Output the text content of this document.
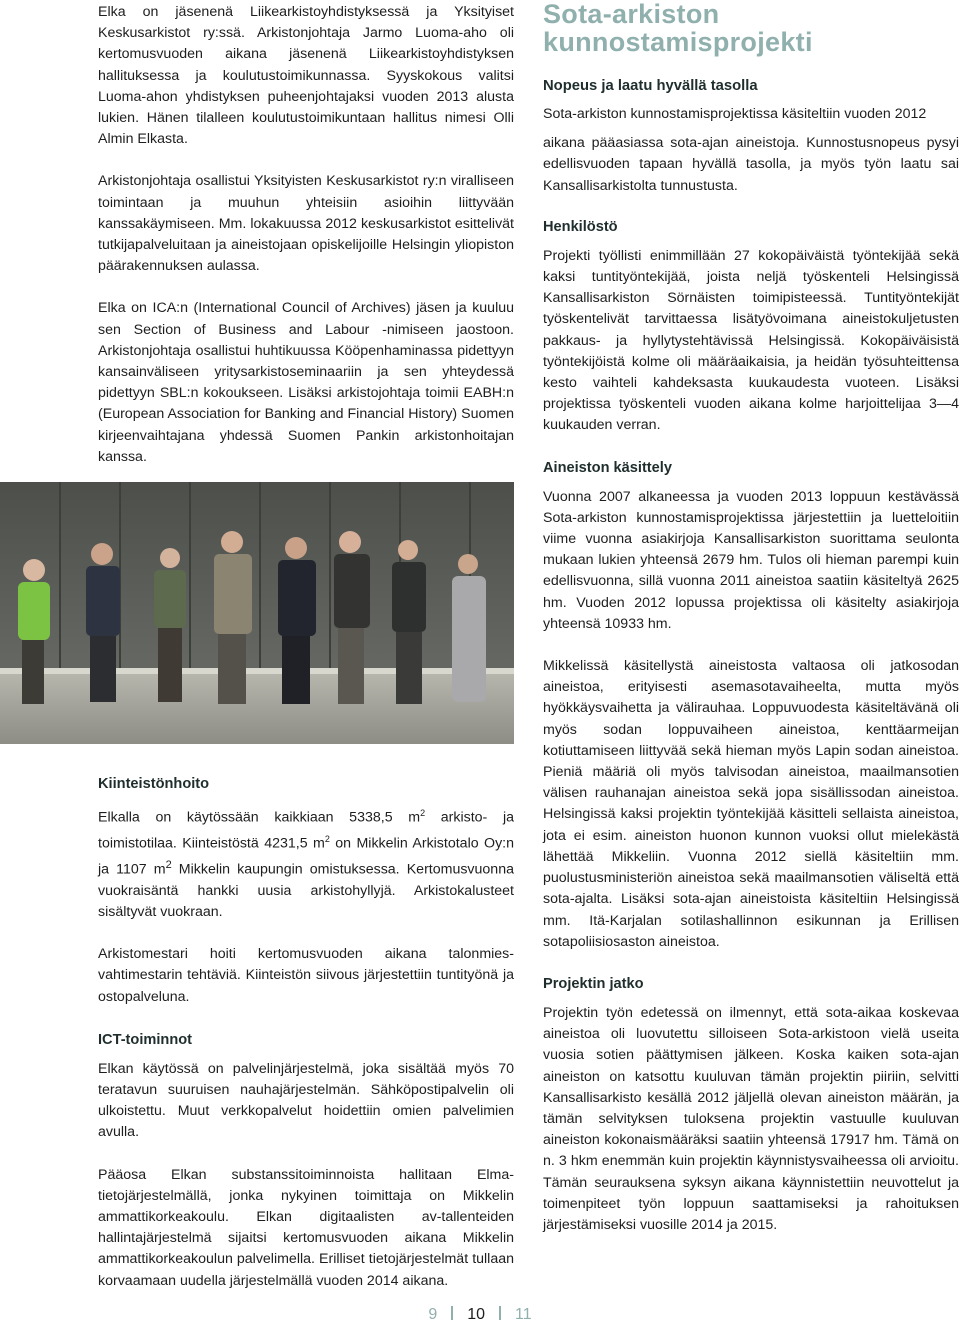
Elka on jäsenenä Liikearkistoyhdistyksessä ja Yksityiset Keskusarkistot ry:ssä. Arkistonjohtaja Jarmo Luoma-aho oli kertomusvuoden aikana jäsenenä Liikearkistoyhdistyksen hallituksessa ja koulutustoimikunnassa. Syyskokous valitsi Luoma-ahon yhdistyksen puheenjohtajaksi vuoden 2013 alusta lukien. Hänen tilalleen koulutustoimikuntaan hallitus nimesi Olli Almin Elkasta.

Arkistonjohtaja osallistui Yksityisten Keskusarkistot ry:n viralliseen toimintaan ja muuhun yhteisiin asioihin liittyvään kanssakäymiseen. Mm. lokakuussa 2012 keskusarkistot esittelivät tutkijapalveluitaan ja aineistojaan opiskelijoille Helsingin yliopiston päärakennuksen aulassa.

Elka on ICA:n (International Council of Archives) jäsen ja kuuluu sen Section of Business and Labour -nimiseen jaostoon. Arkistonjohtaja osallistui huhtikuussa Kööpenhaminassa pidettyyn kansainväliseen yritysarkistoseminaariin ja sen yhteydessä pidettyyn SBL:n kokoukseen. Lisäksi arkistojohtaja toimii EABH:n (European Association for Banking and Financial History) Suomen kirjeenvaihtajana yhdessä Suomen Pankin arkistonhoitajan kanssa.

Kiinteistönhoito

Elkalla on käytössään kaikkiaan 5338,5 $m^2$ arkisto- ja toimistotilaa. Kiinteistöstä 4231,5 $m^2$ on Mikkelin Arkistotalo Oy:n ja 1107 $m^2$ Mikkelin kaupungin omistuksessa. Kertomusvuonna vuokraisäntä hankki uusia arkistohyllyjä. Arkistokalusteet sisältyvät vuokraan.

Arkistomestari hoiti kertomusvuoden aikana talonmies-vahtimestarin tehtäviä. Kiinteistön siivous järjestettiin tuntityönä ja ostopalveluna.

ICT-toiminnot

Elkan käytössä on palvelinjärjestelmä, joka sisältää myös 70 teratavun suuruisen nauhajärjestelmän. Sähköpostipalvelin oli ulkoistettu. Muut verkkopalvelut hoidettiin omien palvelimien avulla.

Pääosa Elkan substanssitoiminnoista hallitaan Elma-tietojärjestelmällä, jonka nykyinen toimittaja on Mikkelin ammattikorkeakoulu. Elkan digitaalisten av-tallenteiden hallintajärjestelmä sijaitsi kertomusvuoden aikana Mikkelin ammattikorkeakoulun palvelimella. Erilliset tietojärjestelmät tullaan korvaamaan uudella järjestelmällä vuoden 2014 aikana.

Sota-arkiston
kunnostamisprojekti

Nopeus ja laatu hyvällä tasolla

Sota-arkiston kunnostamisprojektissa käsiteltiin vuoden 2012

aikana pääasiassa sota-ajan aineistoja. Kunnostusnopeus pysyi edellisvuoden tapaan hyvällä tasolla, ja myös työn laatu sai Kansallisarkistolta tunnustusta.

Henkilöstö

Projekti työllisti enimmillään 27 kokopäiväistä työntekijää sekä kaksi tuntityöntekijää, joista neljä työskenteli Helsingissä Kansallisarkiston Sörnäisten toimipisteessä. Tuntityöntekijät työskentelivät tarvittaessa lisätyövoimana aineistokuljetusten pakkaus- ja hyllytystehtävissä Helsingissä. Kokopäiväisistä työntekijöistä kolme oli määräaikaisia, ja heidän työsuhteittensa kesto vaihteli kahdeksasta kuukaudesta vuoteen. Lisäksi projektissa työskenteli vuoden aikana kolme harjoittelijaa 3—4 kuukauden verran.

Aineiston käsittely

Vuonna 2007 alkaneessa ja vuoden 2013 loppuun kestävässä Sota-arkiston kunnostamisprojektissa järjestettiin ja luetteloitiin viime vuonna asiakirjoja Kansallisarkiston suorittama seulonta mukaan lukien yhteensä 2679 hm. Tulos oli hieman parempi kuin edellisvuonna, sillä vuonna 2011 aineistoa saatiin käsiteltyä 2625 hm. Vuoden 2012 lopussa projektissa oli käsitelty asiakirjoja yhteensä 10933 hm.

Mikkelissä käsitellystä aineistosta valtaosa oli jatkosodan aineistoa, erityisesti asemasotavaiheelta, mutta myös hyökkäysvaihetta ja välirauhaa. Loppuvuodesta käsiteltävänä oli myös sodan loppuvaiheen aineistoa, kenttäarmeijan kotiuttamiseen liittyvää sekä hieman myös Lapin sodan aineistoa. Pieniä määriä oli myös talvisodan aineistoa, maailmansotien välisen rauhanajan aineistoa sekä jopa sisällissodan aineistoa. Helsingissä kaksi projektin työntekijää käsitteli sellaista aineistoa, jota ei esim. aineiston huonon kunnon vuoksi ollut mielekästä lähettää Mikkeliin. Vuonna 2012 siellä käsiteltiin mm. puolustusministeriön aineistoa sekä maailmansotien väliseltä että sota-ajalta. Lisäksi sota-ajan aineistoista käsiteltiin Helsingissä mm. Itä-Karjalan sotilashallinnon esikunnan ja Erillisen sotapoliisiosaston aineistoa.

Projektin jatko

Projektin työn edetessä on ilmennyt, että sota-aikaa koskevaa aineistoa oli luovutettu silloiseen Sota-arkistoon vielä useita vuosia sotien päättymisen jälkeen. Koska kaiken sota-ajan aineiston on katsottu kuuluvan tämän projektin piiriin, selvitti Kansallisarkisto kesällä 2012 jäljellä olevan aineiston määrän, ja tämän selvityksen tuloksena projektin vastuulle kuuluvan aineiston kokonaismääräksi saatiin yhteensä 17917 hm. Tämä on n. 3 hkm enemmän kuin projektin käynnistysvaiheessa oli arvioitu. Tämän seurauksena syksyn aikana käynnistettiin neuvottelut ja toimenpiteet työn loppuun saattamiseksi ja rahoituksen järjestämiseksi vuosille 2014 ja 2015.

9 10 11
